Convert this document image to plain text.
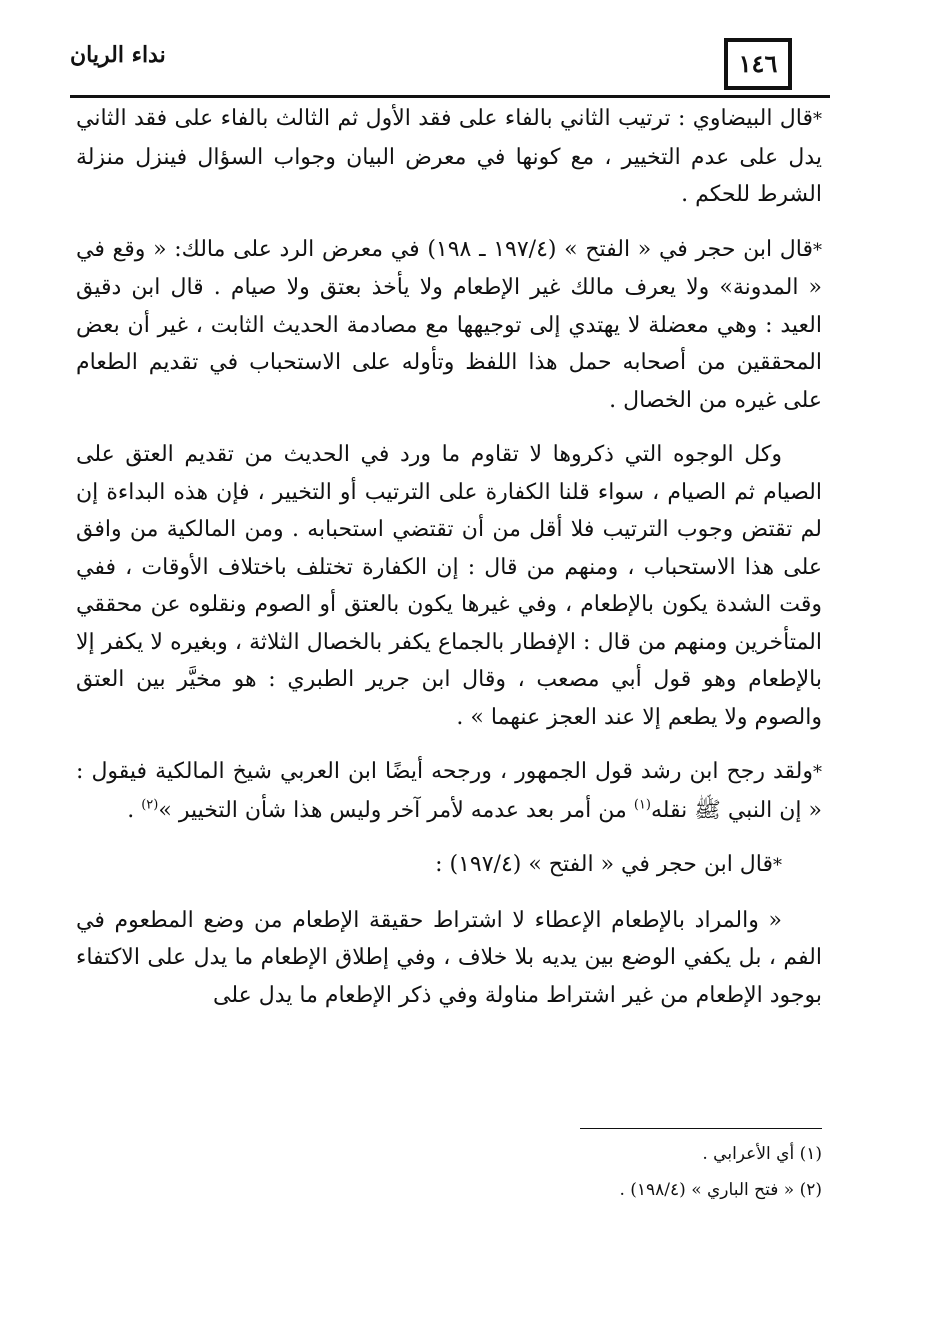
نداء الريان	١٤٦

*قال البيضاوي : ترتيب الثاني بالفاء على فقد الأول ثم الثالث بالفاء على فقد الثاني يدل على عدم التخيير ، مع كونها في معرض البيان وجواب السؤال فينزل منزلة الشرط للحكم .

*قال ابن حجر في « الفتح » (١٩٧/٤ ـ ١٩٨) في معرض الرد على مالك: « وقع في « المدونة» ولا يعرف مالك غير الإطعام ولا يأخذ بعتق ولا صيام . قال ابن دقيق العيد : وهي معضلة لا يهتدي إلى توجيهها مع مصادمة الحديث الثابت ، غير أن بعض المحققين من أصحابه حمل هذا اللفظ وتأوله على الاستحباب في تقديم الطعام على غيره من الخصال .

وكل الوجوه التي ذكروها لا تقاوم ما ورد في الحديث من تقديم العتق على الصيام ثم الصيام ، سواء قلنا الكفارة على الترتيب أو التخيير ، فإن هذه البداءة إن لم تقتض وجوب الترتيب فلا أقل من أن تقتضي استحبابه . ومن المالكية من وافق على هذا الاستحباب ، ومنهم من قال : إن الكفارة تختلف باختلاف الأوقات ، ففي وقت الشدة يكون بالإطعام ، وفي غيرها يكون بالعتق أو الصوم ونقلوه عن محققي المتأخرين ومنهم من قال : الإفطار بالجماع يكفر بالخصال الثلاثة ، وبغيره لا يكفر إلا بالإطعام وهو قول أبي مصعب ، وقال ابن جرير الطبري : هو مخيَّر بين العتق والصوم ولا يطعم إلا عند العجز عنهما » .

*ولقد رجح ابن رشد قول الجمهور ، ورجحه أيضًا ابن العربي شيخ المالكية فيقول : « إن النبي ﷺ نقله$^{(١)}$ من أمر بعد عدمه لأمر آخر وليس هذا شأن التخيير »$^{(٢)}$ .

*قال ابن حجر في « الفتح » (١٩٧/٤) :

« والمراد بالإطعام الإعطاء لا اشتراط حقيقة الإطعام من وضع المطعوم في الفم ، بل يكفي الوضع بين يديه بلا خلاف ، وفي إطلاق الإطعام ما يدل على الاكتفاء بوجود الإطعام من غير اشتراط مناولة وفي ذكر الإطعام ما يدل على

(١) أي الأعرابي .

(٢) « فتح الباري » (١٩٨/٤) .
